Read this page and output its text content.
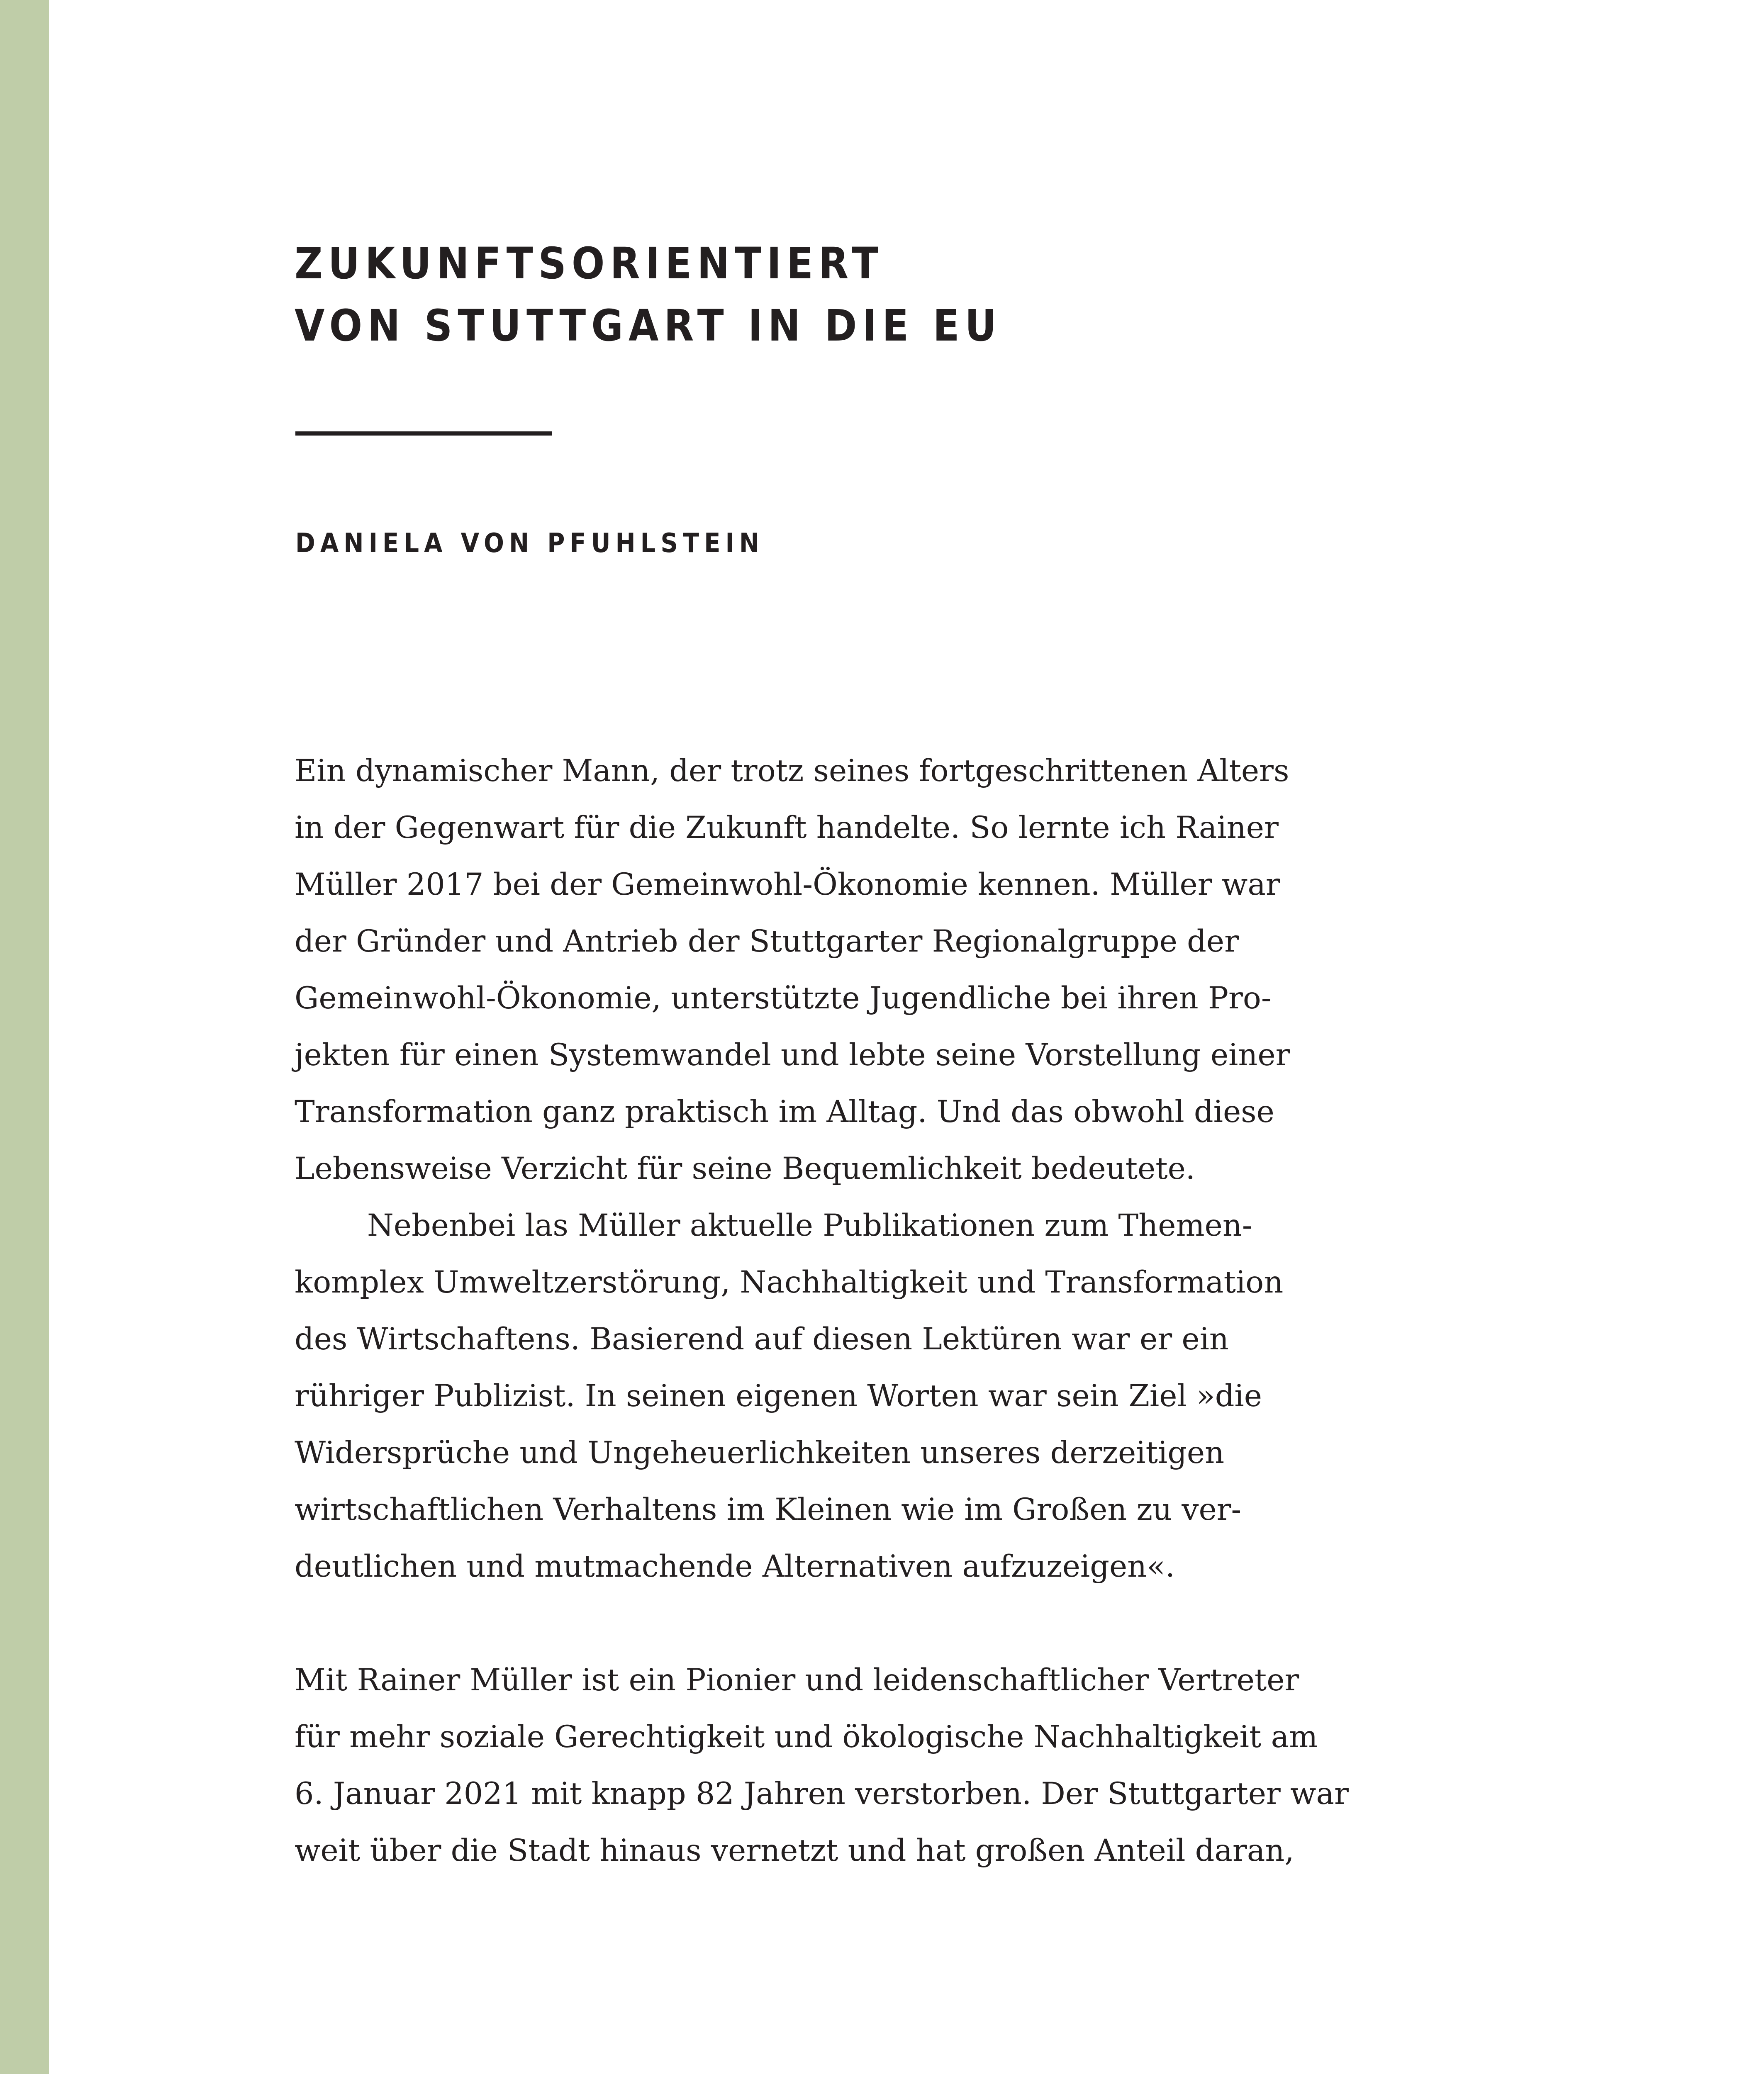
ZUKUNFTSORIENTIERT
VON STUTTGART IN DIE EU

DANIELA VON PFUHLSTEIN

Ein dynamischer Mann, der trotz seines fortgeschrittenen Alters
in der Gegenwart für die Zukunft handelte. So lernte ich Rainer
Müller 2017 bei der Gemeinwohl-Ökonomie kennen. Müller war
der Gründer und Antrieb der Stuttgarter Regionalgruppe der
Gemeinwohl-Ökonomie, unterstützte Jugendliche bei ihren Pro-
jekten für einen Systemwandel und lebte seine Vorstellung einer
Transformation ganz praktisch im Alltag. Und das obwohl diese
Lebensweise Verzicht für seine Bequemlichkeit bedeutete.
Nebenbei las Müller aktuelle Publikationen zum Themen-
komplex Umweltzerstörung, Nachhaltigkeit und Transformation
des Wirtschaftens. Basierend auf diesen Lektüren war er ein
rühriger Publizist. In seinen eigenen Worten war sein Ziel »die
Widersprüche und Ungeheuerlichkeiten unseres derzeitigen
wirtschaftlichen Verhaltens im Kleinen wie im Großen zu ver-
deutlichen und mutmachende Alternativen aufzuzeigen«.
Mit Rainer Müller ist ein Pionier und leidenschaftlicher Vertreter
für mehr soziale Gerechtigkeit und ökologische Nachhaltigkeit am
6. Januar 2021 mit knapp 82 Jahren verstorben. Der Stuttgarter war
weit über die Stadt hinaus vernetzt und hat großen Anteil daran,
